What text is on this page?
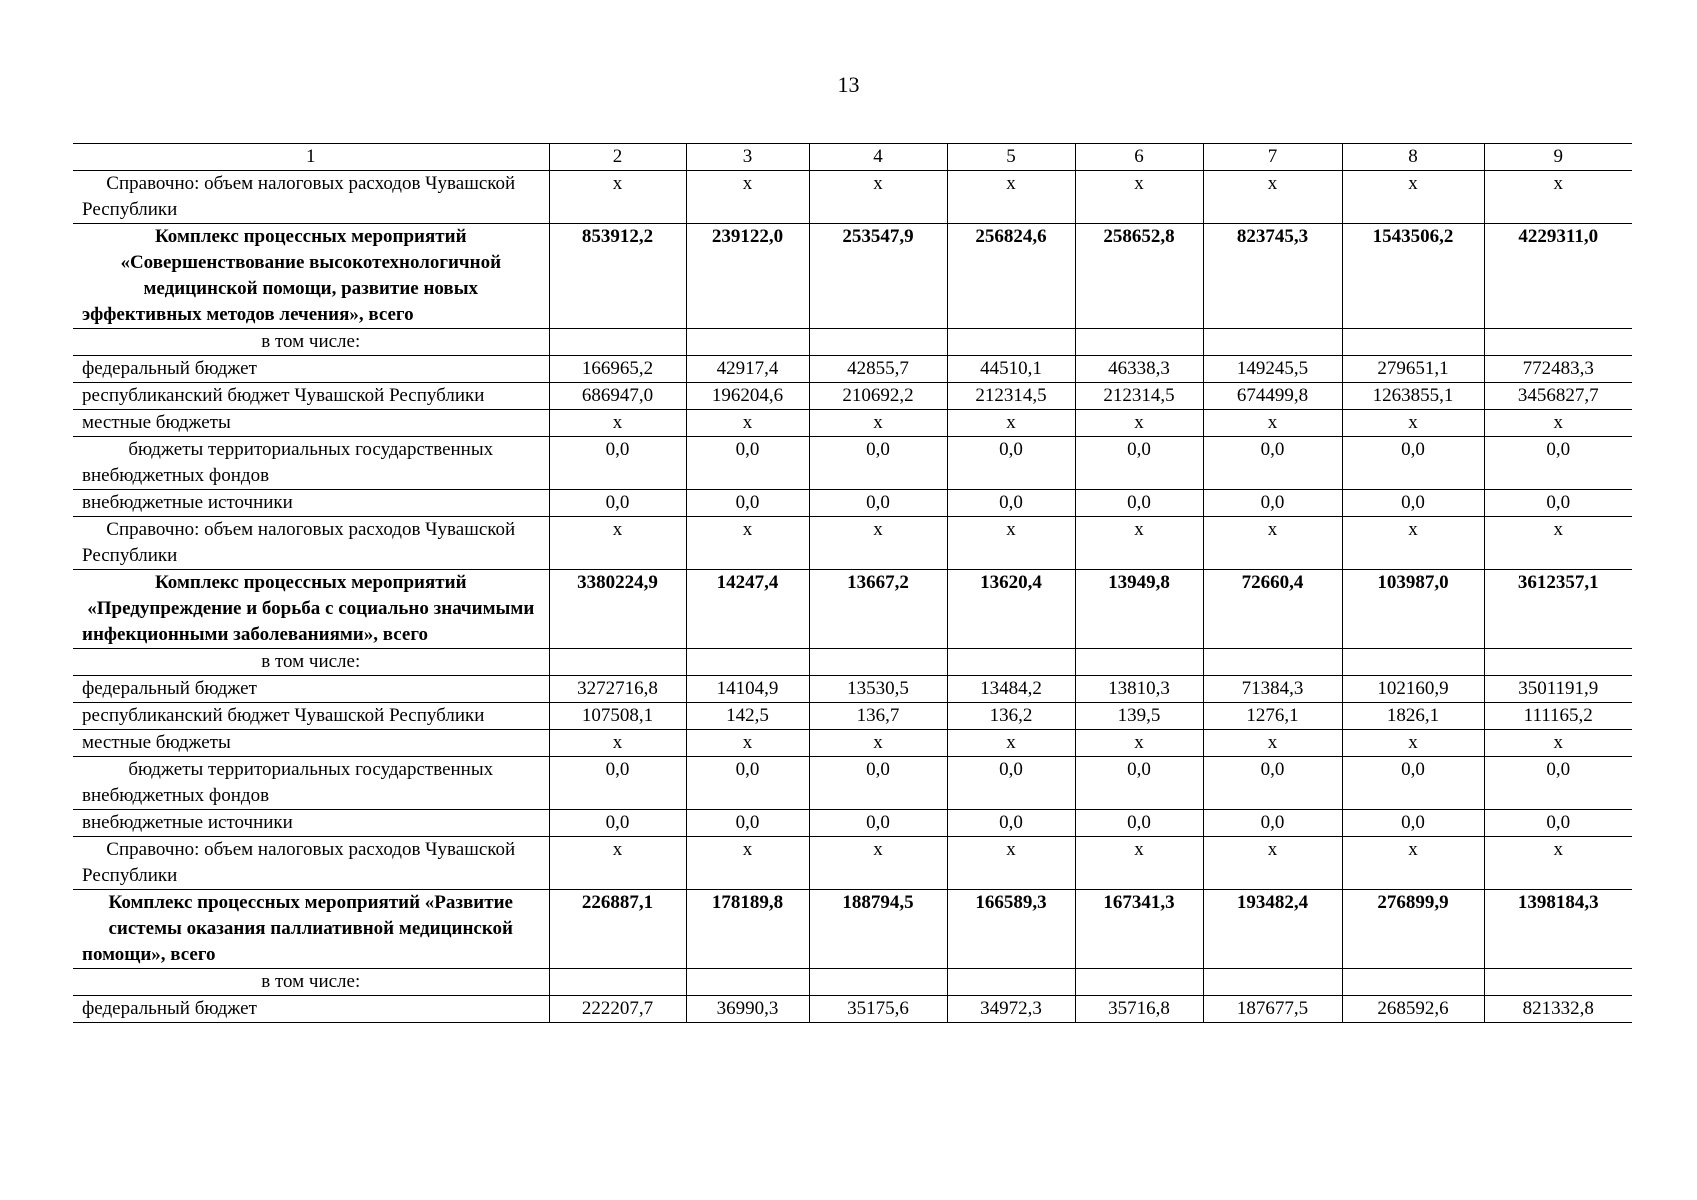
13
1	2	3	4	5	6	7	8	9
Справочно: объем налоговых расходов Чувашской Республики	x	x	x	x	x	x	x	x
Комплекс процессных мероприятий «Совершенствование высокотехнологичной медицинской помощи, развитие новых эффективных методов лечения», всего	853912,2	239122,0	253547,9	256824,6	258652,8	823745,3	1543506,2	4229311,0
в том числе:								
федеральный бюджет	166965,2	42917,4	42855,7	44510,1	46338,3	149245,5	279651,1	772483,3
республиканский бюджет Чувашской Республики	686947,0	196204,6	210692,2	212314,5	212314,5	674499,8	1263855,1	3456827,7
местные бюджеты	x	x	x	x	x	x	x	x
бюджеты территориальных государственных внебюджетных фондов	0,0	0,0	0,0	0,0	0,0	0,0	0,0	0,0
внебюджетные источники	0,0	0,0	0,0	0,0	0,0	0,0	0,0	0,0
Справочно: объем налоговых расходов Чувашской Республики	x	x	x	x	x	x	x	x
Комплекс процессных мероприятий «Предупреждение и борьба с социально значимыми инфекционными заболеваниями», всего	3380224,9	14247,4	13667,2	13620,4	13949,8	72660,4	103987,0	3612357,1
в том числе:								
федеральный бюджет	3272716,8	14104,9	13530,5	13484,2	13810,3	71384,3	102160,9	3501191,9
республиканский бюджет Чувашской Республики	107508,1	142,5	136,7	136,2	139,5	1276,1	1826,1	111165,2
местные бюджеты	x	x	x	x	x	x	x	x
бюджеты территориальных государственных внебюджетных фондов	0,0	0,0	0,0	0,0	0,0	0,0	0,0	0,0
внебюджетные источники	0,0	0,0	0,0	0,0	0,0	0,0	0,0	0,0
Справочно: объем налоговых расходов Чувашской Республики	x	x	x	x	x	x	x	x
Комплекс процессных мероприятий «Развитие системы оказания паллиативной медицинской помощи», всего	226887,1	178189,8	188794,5	166589,3	167341,3	193482,4	276899,9	1398184,3
в том числе:								
федеральный бюджет	222207,7	36990,3	35175,6	34972,3	35716,8	187677,5	268592,6	821332,8
